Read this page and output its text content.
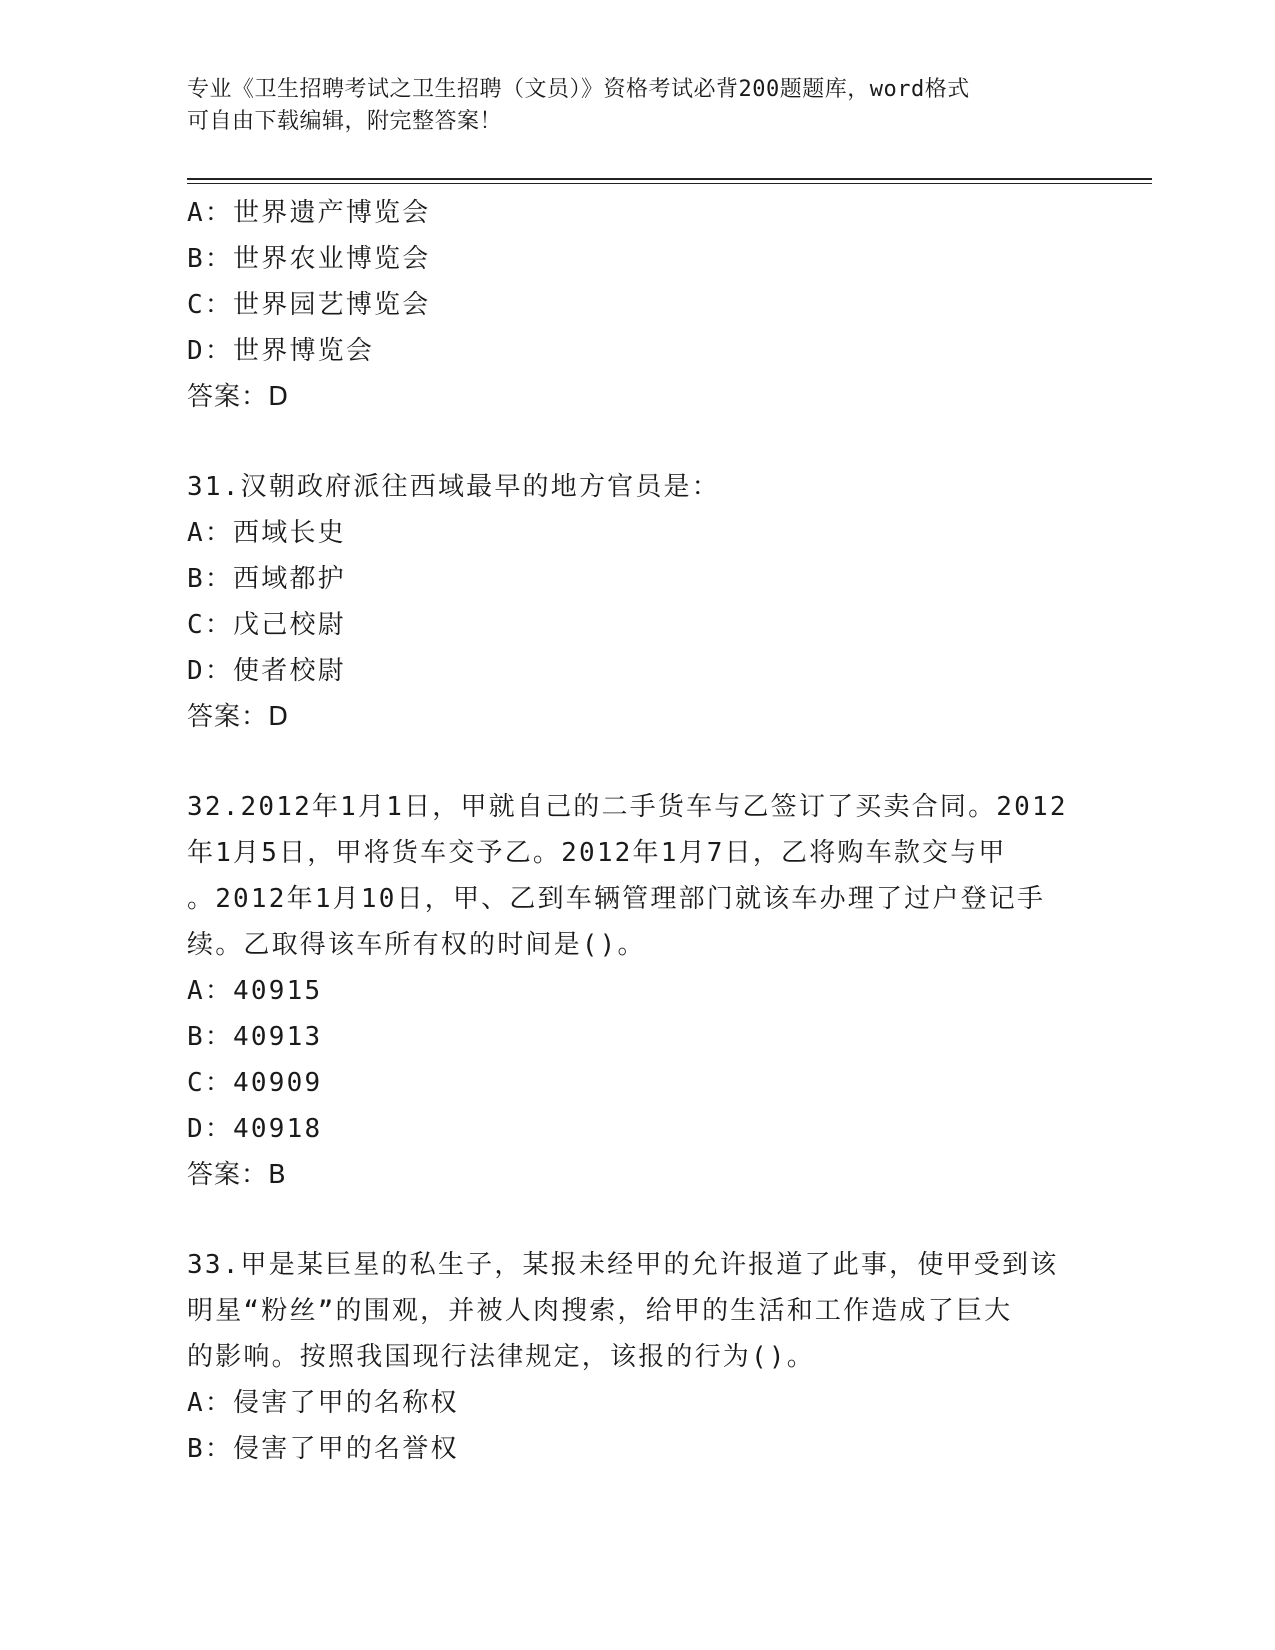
专业《卫生招聘考试之卫生招聘（文员）》资格考试必背200题题库，word格式
可自由下载编辑，附完整答案！
A：世界遗产博览会
B：世界农业博览会
C：世界园艺博览会
D：世界博览会
答案：D
31.汉朝政府派往西域最早的地方官员是：
A：西域长史
B：西域都护
C：戊己校尉
D：使者校尉
答案：D
32.2012年1月1日，甲就自己的二手货车与乙签订了买卖合同。2012
年1月5日，甲将货车交予乙。2012年1月7日，乙将购车款交与甲
。2012年1月10日，甲、乙到车辆管理部门就该车办理了过户登记手
续。乙取得该车所有权的时间是()。
A：40915
B：40913
C：40909
D：40918
答案：B
33.甲是某巨星的私生子，某报未经甲的允许报道了此事，使甲受到该
明星“粉丝”的围观，并被人肉搜索，给甲的生活和工作造成了巨大
的影响。按照我国现行法律规定，该报的行为()。
A：侵害了甲的名称权
B：侵害了甲的名誉权
